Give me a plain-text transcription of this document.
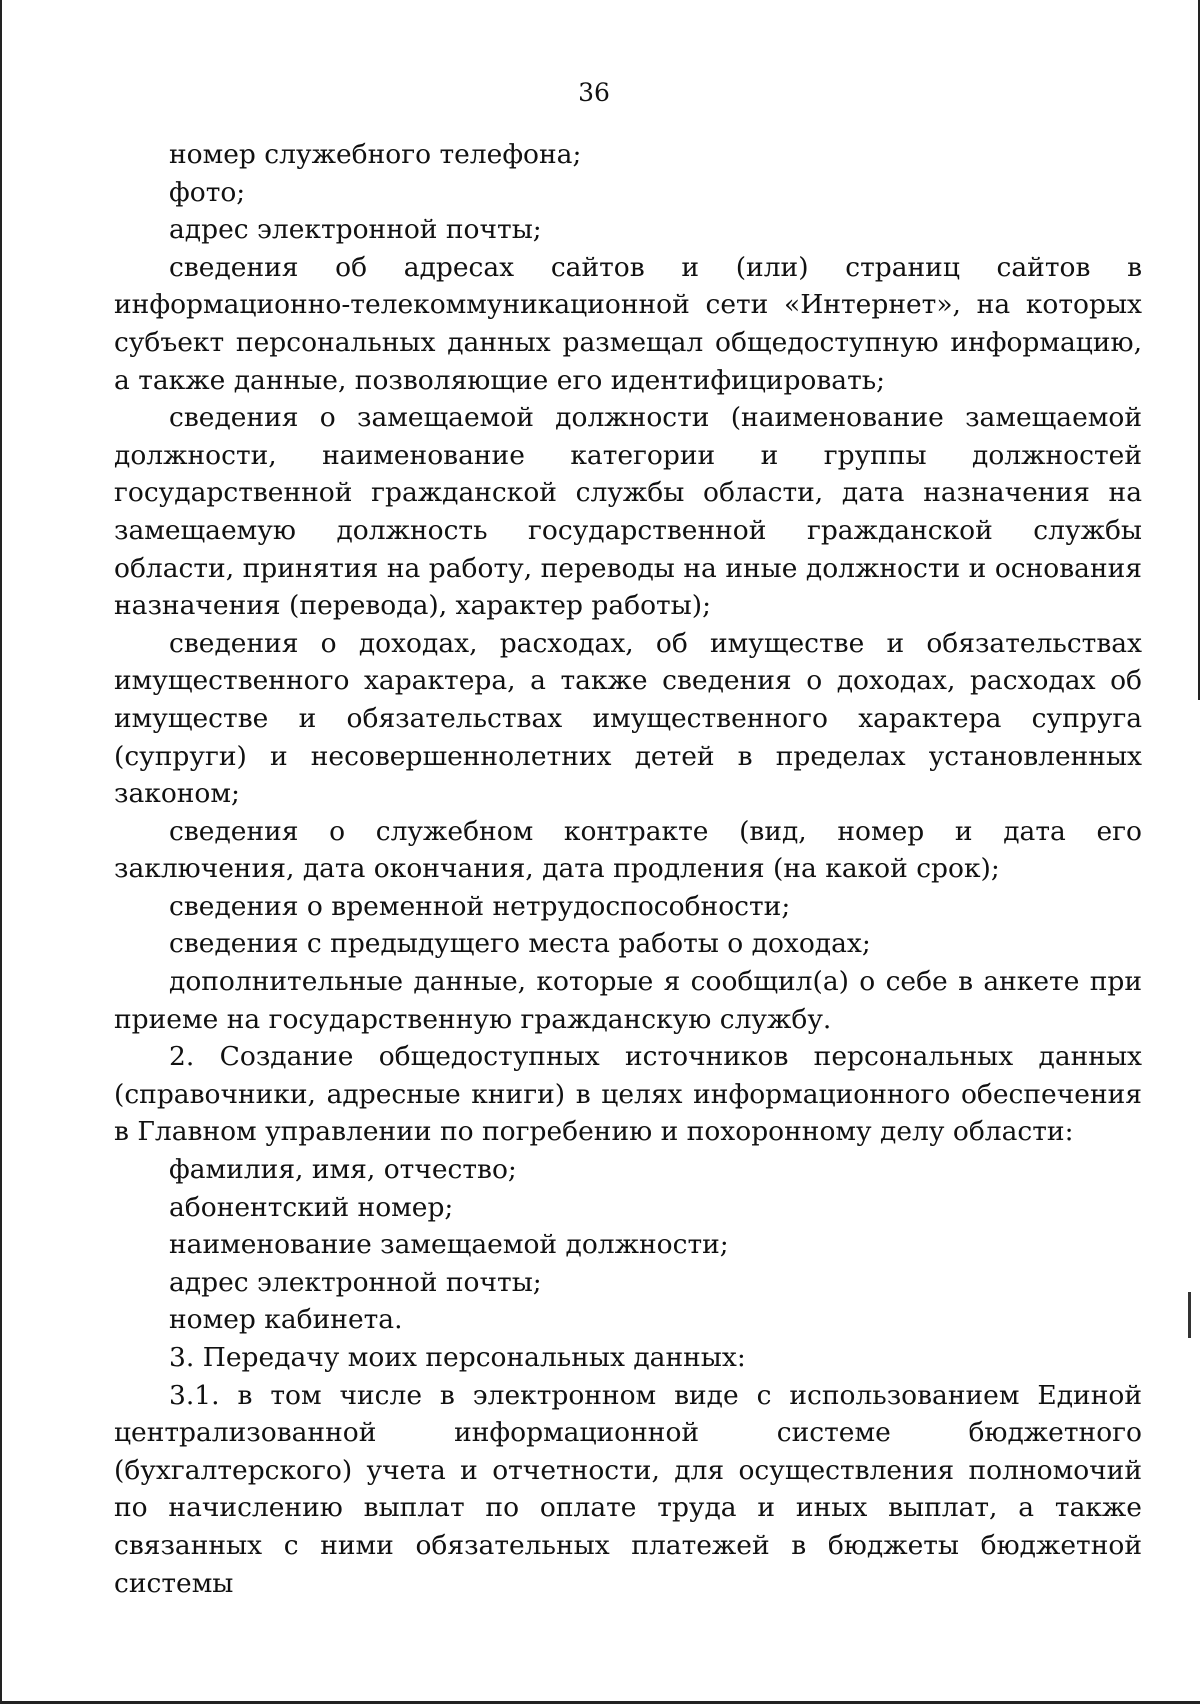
36

номер служебного телефона;

фото;

адрес электронной почты;

сведения об адресах сайтов и (или) страниц сайтов в информационно-телекоммуникационной сети «Интернет», на которых субъект персональных данных размещал общедоступную информацию, а также данные, позволяющие его идентифицировать;

сведения о замещаемой должности (наименование замещаемой должности, наименование категории и группы должностей государственной гражданской службы области, дата назначения на замещаемую должность государственной гражданской службы области, принятия на работу, переводы на иные должности и основания назначения (перевода), характер работы);

сведения о доходах, расходах, об имуществе и обязательствах имущественного характера, а также сведения о доходах, расходах об имуществе и обязательствах имущественного характера супруга (супруги) и несовершеннолетних детей в пределах установленных законом;

сведения о служебном контракте (вид, номер и дата его заключения, дата окончания, дата продления (на какой срок);

сведения о временной нетрудоспособности;

сведения с предыдущего места работы о доходах;

дополнительные данные, которые я сообщил(а) о себе в анкете при приеме на государственную гражданскую службу.

2. Создание общедоступных источников персональных данных (справочники, адресные книги) в целях информационного обеспечения в Главном управлении по погребению и похоронному делу области:

фамилия, имя, отчество;

абонентский номер;

наименование замещаемой должности;

адрес электронной почты;

номер кабинета.

3. Передачу моих персональных данных:

3.1. в том числе в электронном виде с использованием Единой централизованной информационной системе бюджетного (бухгалтерского) учета и отчетности, для осуществления полномочий по начислению выплат по оплате труда и иных выплат, а также связанных с ними обязательных платежей в бюджеты бюджетной системы
